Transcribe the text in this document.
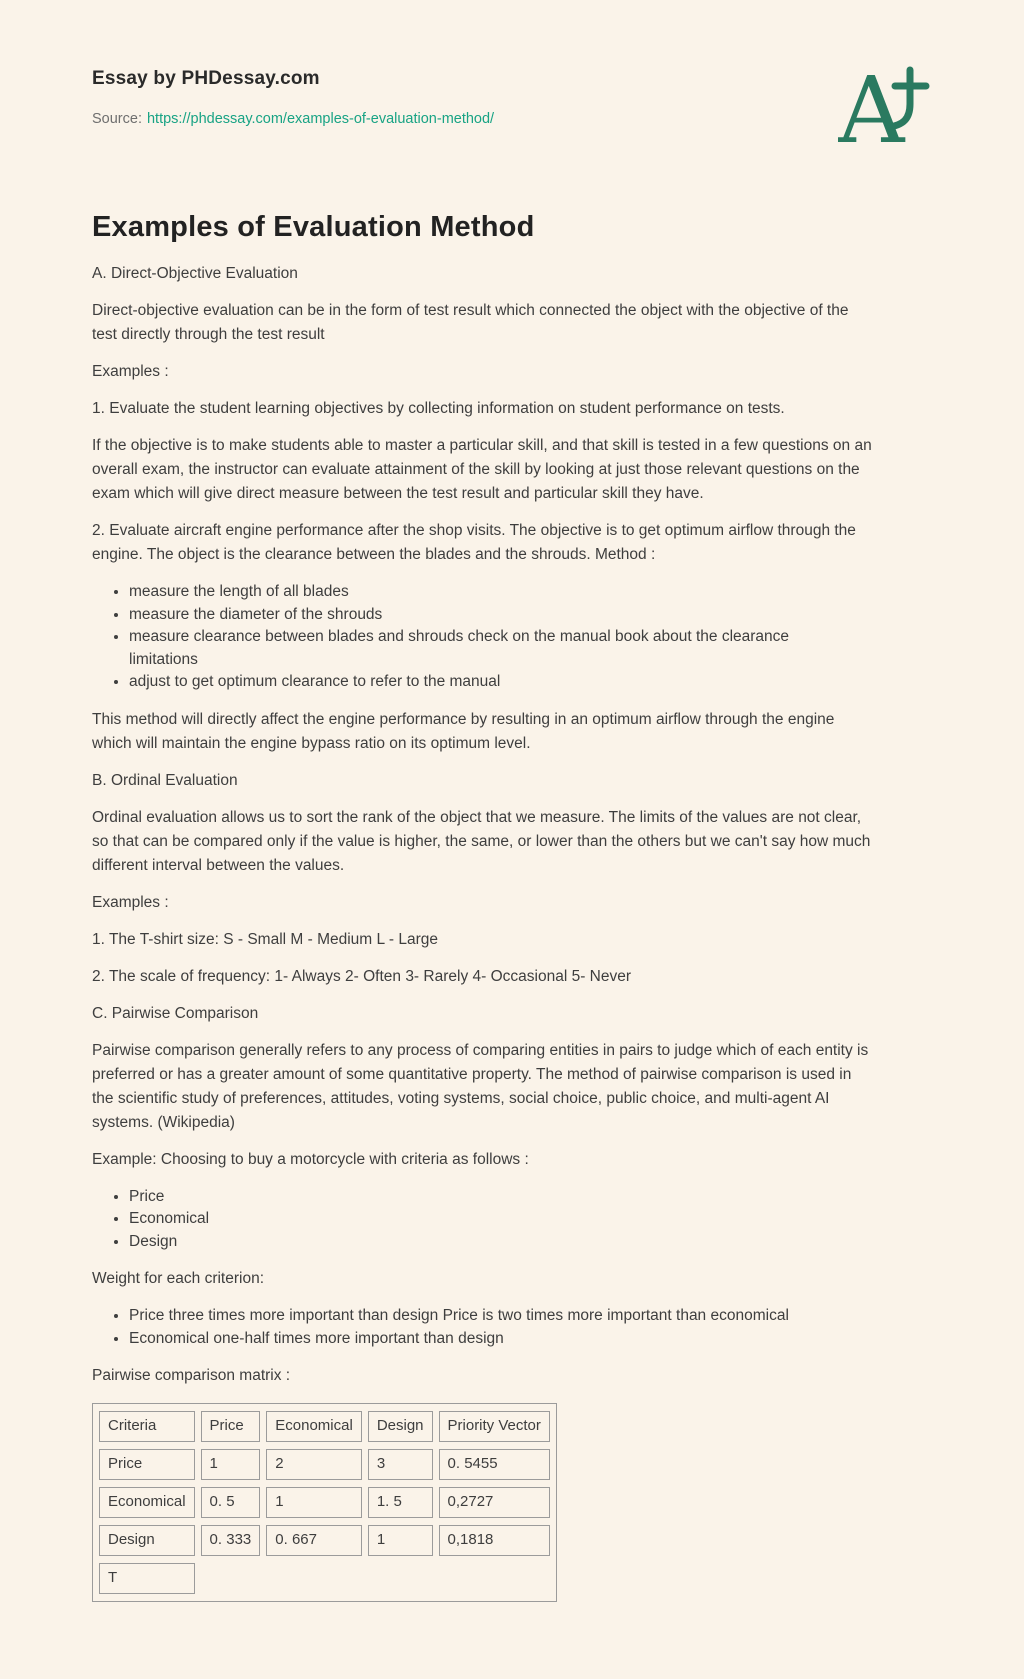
Essay by PHDessay.com
Source: https://phdessay.com/examples-of-evaluation-method/	A
Examples of Evaluation Method

A. Direct-Objective Evaluation

Direct-objective evaluation can be in the form of test result which connected the object with the objective of the test directly through the test result

Examples :

1. Evaluate the student learning objectives by collecting information on student performance on tests.

If the objective is to make students able to master a particular skill, and that skill is tested in a few questions on an overall exam, the instructor can evaluate attainment of the skill by looking at just those relevant questions on the exam which will give direct measure between the test result and particular skill they have.

2. Evaluate aircraft engine performance after the shop visits. The objective is to get optimum airflow through the engine. The object is the clearance between the blades and the shrouds. Method :

• measure the length of all blades
• measure the diameter of the shrouds
• measure clearance between blades and shrouds check on the manual book about the clearance limitations
• adjust to get optimum clearance to refer to the manual

This method will directly affect the engine performance by resulting in an optimum airflow through the engine which will maintain the engine bypass ratio on its optimum level.

B. Ordinal Evaluation

Ordinal evaluation allows us to sort the rank of the object that we measure. The limits of the values are not clear, so that can be compared only if the value is higher, the same, or lower than the others but we can't say how much different interval between the values.

Examples :

1. The T-shirt size: S - Small M - Medium L - Large

2. The scale of frequency: 1- Always 2- Often 3- Rarely 4- Occasional 5- Never

C. Pairwise Comparison

Pairwise comparison generally refers to any process of comparing entities in pairs to judge which of each entity is preferred or has a greater amount of some quantitative property. The method of pairwise comparison is used in the scientific study of preferences, attitudes, voting systems, social choice, public choice, and multi-agent AI systems. (Wikipedia)

Example: Choosing to buy a motorcycle with criteria as follows :

• Price
• Economical
• Design

Weight for each criterion:

• Price three times more important than design Price is two times more important than economical
• Economical one-half times more important than design

Pairwise comparison matrix :

Criteria	Price	Economical	Design	Priority Vector
Price	1	2	3	0. 5455
Economical	0. 5	1	1. 5	0,2727
Design	0. 333	0. 667	1	0,1818
T				
